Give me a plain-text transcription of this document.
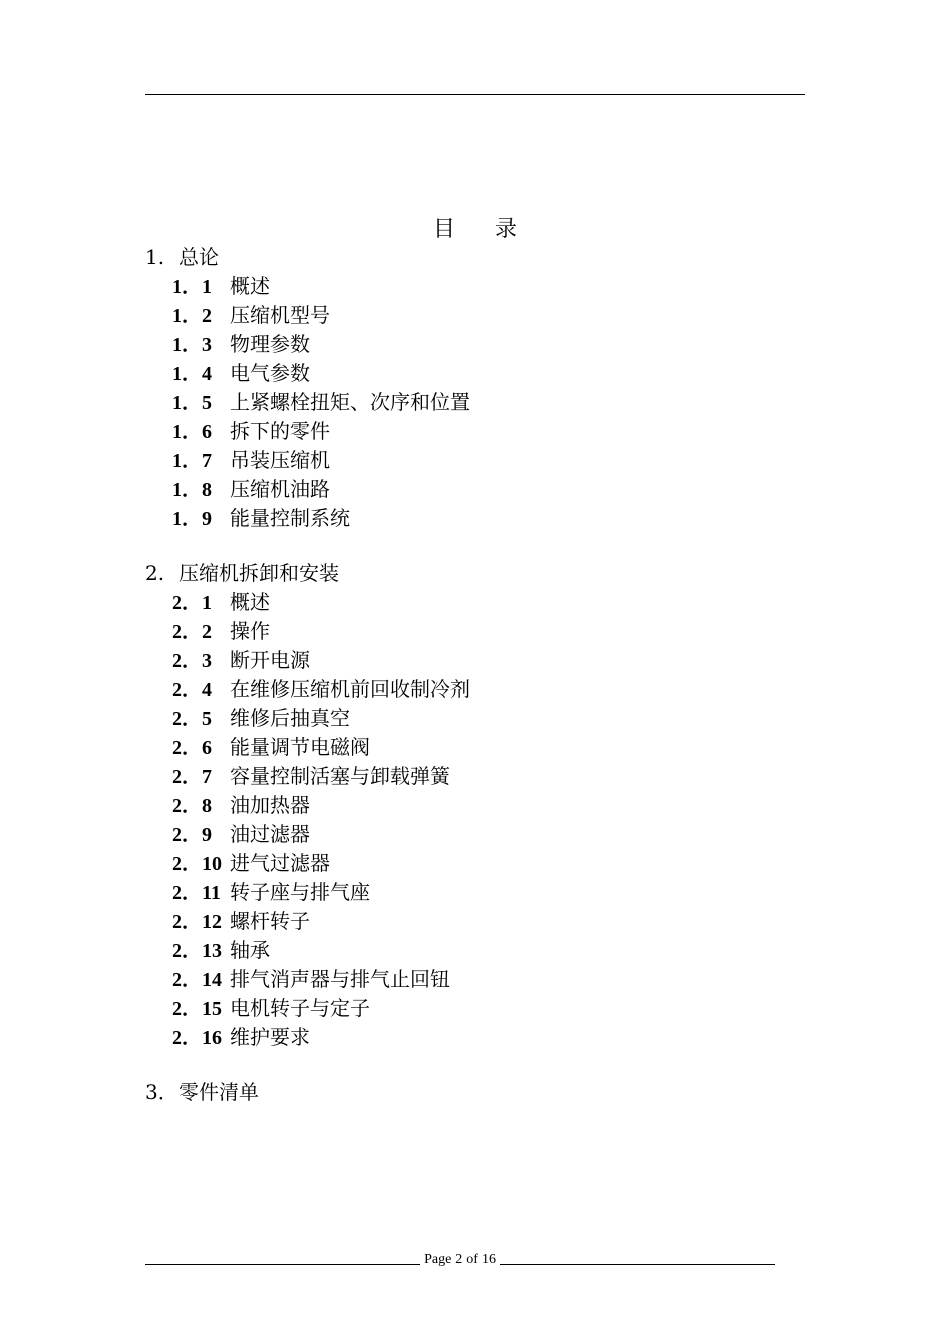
目录
1. 总论
1．1 概述
1．2 压缩机型号
1．3 物理参数
1．4 电气参数
1．5 上紧螺栓扭矩、次序和位置
1．6 拆下的零件
1．7 吊装压缩机
1．8 压缩机油路
1．9 能量控制系统
2. 压缩机拆卸和安装
2．1 概述
2．2 操作
2．3 断开电源
2．4 在维修压缩机前回收制冷剂
2．5 维修后抽真空
2．6 能量调节电磁阀
2．7 容量控制活塞与卸载弹簧
2．8 油加热器
2．9 油过滤器
2．10 进气过滤器
2．11 转子座与排气座
2．12 螺杆转子
2．13 轴承
2．14 排气消声器与排气止回钮
2．15 电机转子与定子
2．16 维护要求
3．零件清单
Page 2 of 16
